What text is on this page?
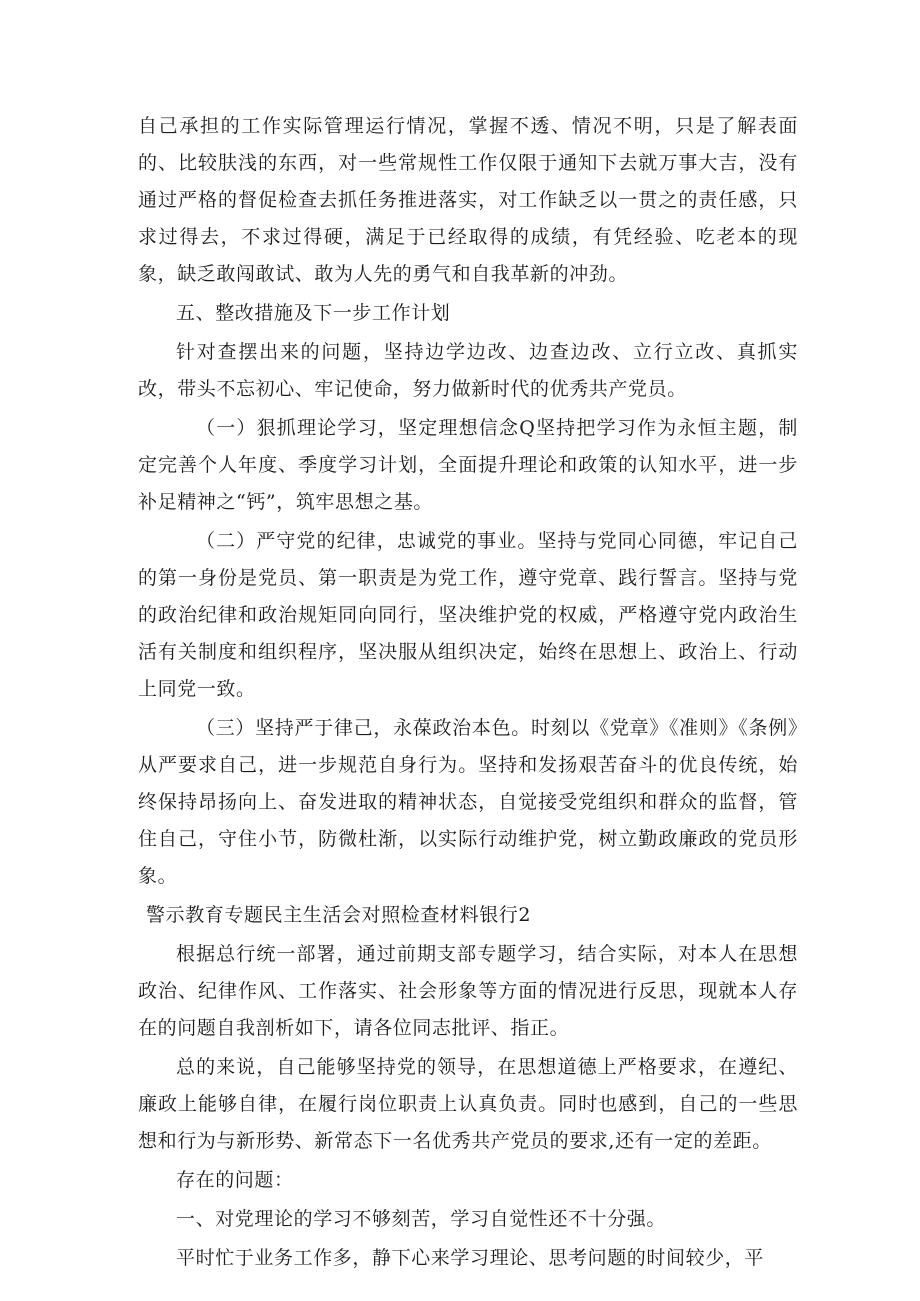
自己承担的工作实际管理运行情况，掌握不透、情况不明，只是了解表面的、比较肤浅的东西，对一些常规性工作仅限于通知下去就万事大吉，没有通过严格的督促检查去抓任务推进落实，对工作缺乏以一贯之的责任感，只求过得去，不求过得硬，满足于已经取得的成绩，有凭经验、吃老本的现象，缺乏敢闯敢试、敢为人先的勇气和自我革新的冲劲。

五、整改措施及下一步工作计划

针对查摆出来的问题，坚持边学边改、边查边改、立行立改、真抓实改，带头不忘初心、牢记使命，努力做新时代的优秀共产党员。

（一）狠抓理论学习，坚定理想信念Q坚持把学习作为永恒主题，制定完善个人年度、季度学习计划，全面提升理论和政策的认知水平，进一步补足精神之“钙”，筑牢思想之基。

（二）严守党的纪律，忠诚党的事业。坚持与党同心同德，牢记自己的第一身份是党员、第一职责是为党工作，遵守党章、践行誓言。坚持与党的政治纪律和政治规矩同向同行，坚决维护党的权威，严格遵守党内政治生活有关制度和组织程序，坚决服从组织决定，始终在思想上、政治上、行动上同党一致。

（三）坚持严于律己，永葆政治本色。时刻以《党章》《准则》《条例》从严要求自己，进一步规范自身行为。坚持和发扬艰苦奋斗的优良传统，始终保持昂扬向上、奋发进取的精神状态，自觉接受党组织和群众的监督，管住自己，守住小节，防微杜渐，以实际行动维护党，树立勤政廉政的党员形象。

警示教育专题民主生活会对照检查材料银行2

根据总行统一部署，通过前期支部专题学习，结合实际，对本人在思想政治、纪律作风、工作落实、社会形象等方面的情况进行反思，现就本人存在的问题自我剖析如下，请各位同志批评、指正。

总的来说，自己能够坚持党的领导，在思想道德上严格要求，在遵纪、廉政上能够自律，在履行岗位职责上认真负责。同时也感到，自己的一些思想和行为与新形势、新常态下一名优秀共产党员的要求,还有一定的差距。

存在的问题：

一、对党理论的学习不够刻苦，学习自觉性还不十分强。

平时忙于业务工作多，静下心来学习理论、思考问题的时间较少，平
